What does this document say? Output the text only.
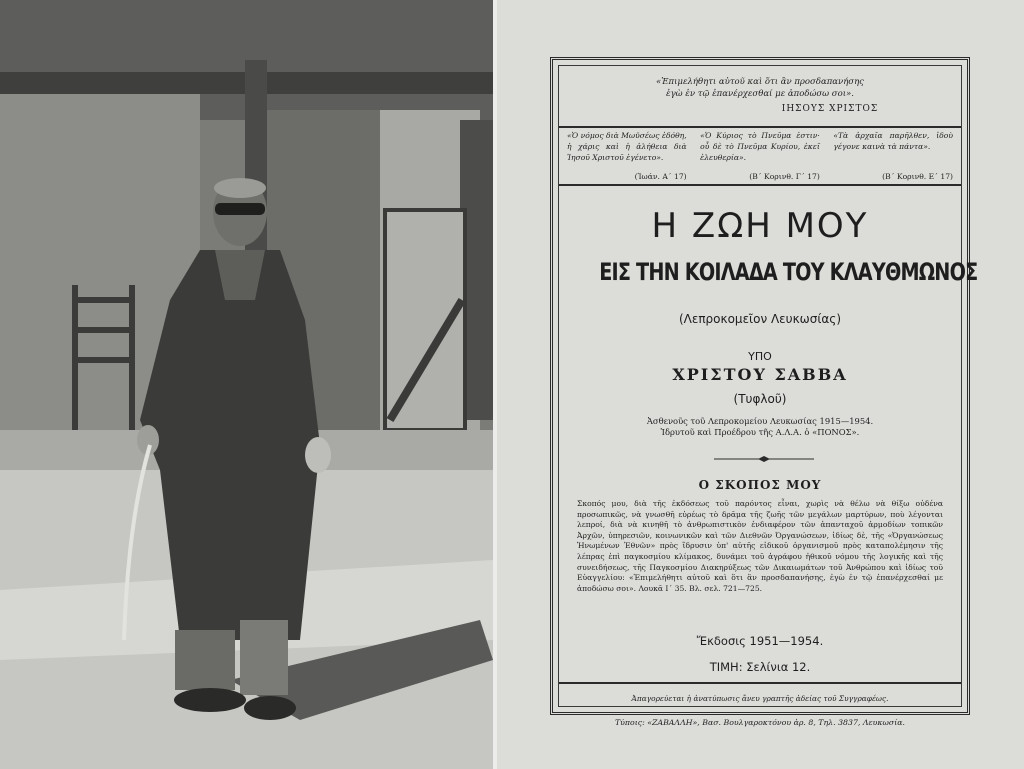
«Ἐπιμελήθητι αὐτοῦ καὶ ὅτι ἂν προσδαπανήσης
ἐγὼ ἐν τῷ ἐπανέρχεσθαί με ἀποδώσω σοι».
ΙΗΣΟΥΣ ΧΡΙΣΤΟΣ
«Ὁ νόμος διὰ Μωϋσέως ἐδόθη, ἡ χάρις καὶ ἡ ἀλήθεια διὰ Ἰησοῦ Χριστοῦ ἐγένετο».
(Ἰωάν. Α΄ 17)
«Ὁ Κύριος τὸ Πνεῦμα ἐστιν· οὗ δὲ τὸ Πνεῦμα Κυρίου, ἐκεῖ ἐλευθερία».
(Β΄ Κορινθ. Γ΄ 17)
«Τὰ ἀρχαῖα παρῆλθεν, ἰδοὺ γέγονε καινὰ τὰ πάντα».
(Β΄ Κορινθ. Ε΄ 17)
Η ΖΩΗ ΜΟΥ
ΕΙΣ ΤΗΝ ΚΟΙΛΑΔΑ ΤΟΥ ΚΛΑΥΘΜΩΝΟΣ
(Λεπροκομεῖον Λευκωσίας)
ΥΠΟ
ΧΡΙΣΤΟΥ ΣΑΒΒΑ
(Τυφλοῦ)
Ἀσθενοῦς τοῦ Λεπροκομείου Λευκωσίας 1915—1954.
Ἱδρυτοῦ καὶ Προέδρου τῆς Α.Λ.Α. ὁ «ΠΟΝΟΣ».
Ο ΣΚΟΠΟΣ ΜΟΥ
Σκοπός μου, διὰ τῆς ἐκδόσεως τοῦ παρόντος εἶναι, χωρὶς νὰ θέλω νὰ θίξω οὐδένα προσωπικῶς, νὰ γνωσθῆ εὐρέως τὸ δρᾶμα τῆς ζωῆς τῶν μεγάλων μαρτύρων, ποὺ λέγονται λεπροί, διὰ νὰ κινηθῆ τὸ ἀνθρωπιστικὸν ἐνδιαφέρον τῶν ἁπανταχοῦ ἁρμοδίων τοπικῶν Ἀρχῶν, ὑπηρεσιῶν, κοινωνικῶν καὶ τῶν Διεθνῶν Ὀργανώσεων, ἰδίως δὲ, τῆς «Ὀργανώσεως Ἡνωμένων Ἐθνῶν» πρὸς ἵδρυσιν ὑπ' αὐτῆς εἰδικοῦ ὀργανισμοῦ πρὸς καταπολέμησιν τῆς λέπρας ἐπὶ παγκοσμίου κλίμακος, δυνάμει τοῦ ἀγράφου ἠθικοῦ νόμου τῆς λογικῆς καὶ τῆς συνειδήσεως, τῆς Παγκοσμίου Διακηρύξεως τῶν Δικαιωμάτων τοῦ Ἀνθρώπου καὶ ἰδίως τοῦ Εὐαγγελίου: «Ἐπιμελήθητι αὐτοῦ καὶ ὅτι ἂν προσδαπανήσης, ἐγὼ ἐν τῷ ἐπανέρχεσθαί με ἀποδώσω σοι». Λουκᾶ Ι΄ 35. Βλ. σελ. 721—725.
Ἔκδοσις 1951—1954.
ΤΙΜΗ: Σελίνια 12.
Ἀπαγορεύεται ἡ ἀνατύπωσις ἄνευ γραπτῆς ἀδείας τοῦ Συγγραφέως.
Τύποις: «ΖΑΒΑΛΛΗ», Βασ. Βουλγαροκτόνου ἀρ. 8, Τηλ. 3837, Λευκωσία.
